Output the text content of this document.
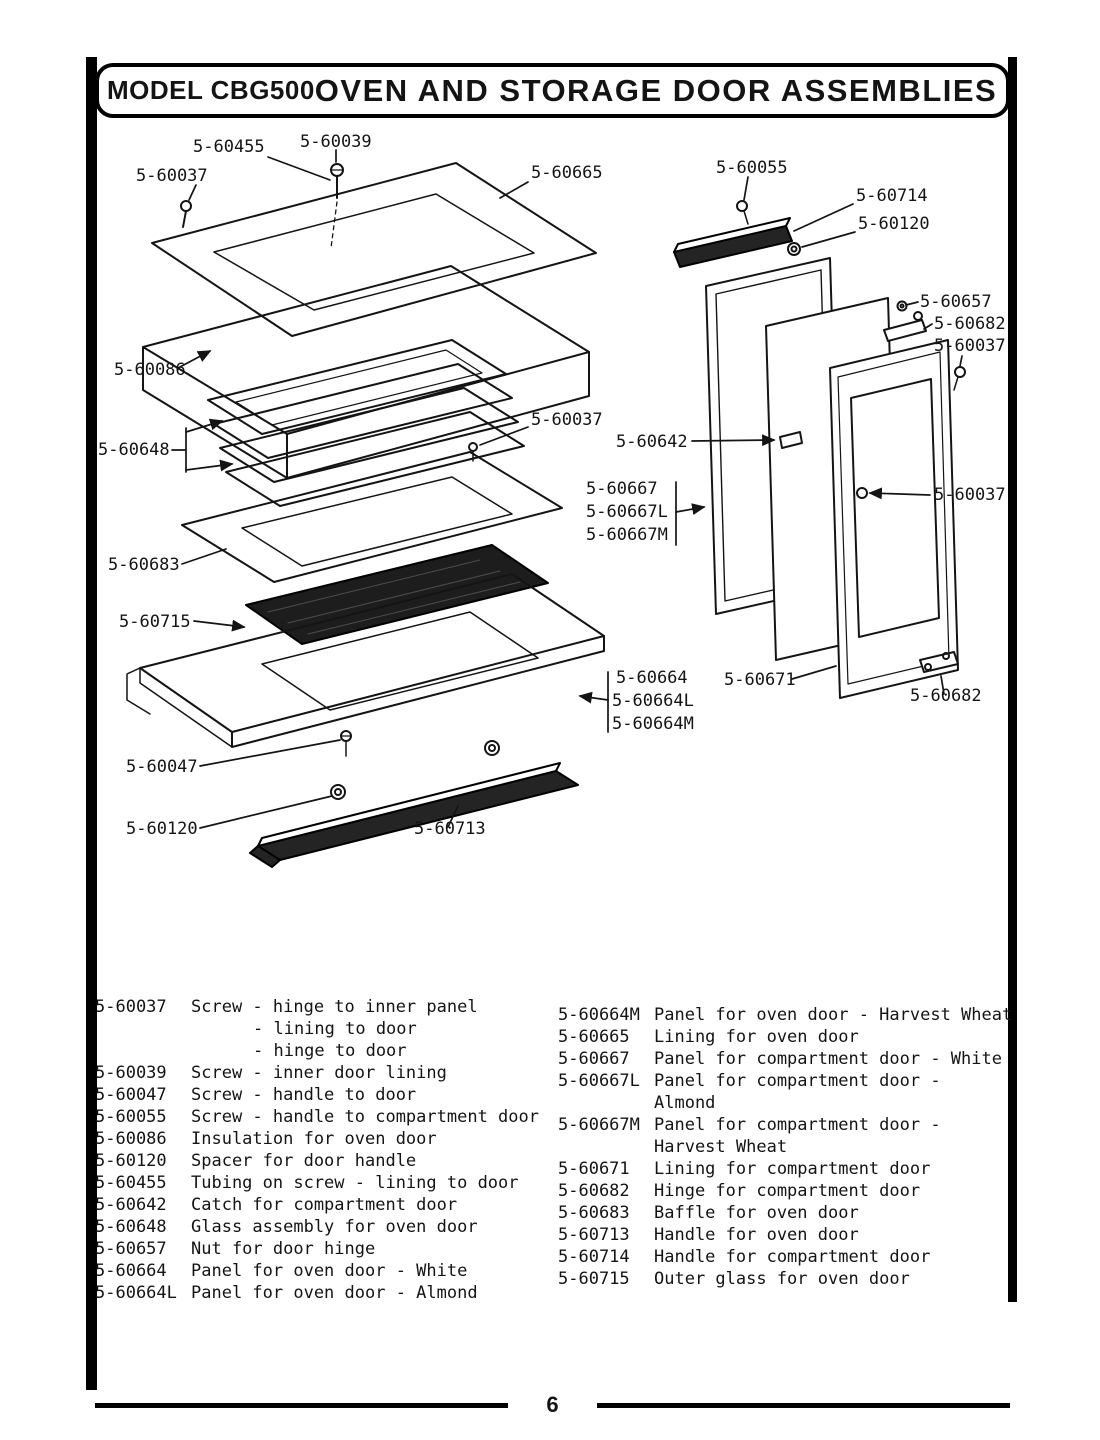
MODEL CBG500 OVEN AND STORAGE DOOR ASSEMBLIES
5-60455 5-60039
5-60037	5-60665	5-60055
5-60714
5-60120
5-60657
5-60682
5-60037
5-60086
5-60648
5-60037
5-60642
5-60667
5-60667L
5-60667M
5-60037
5-60683
5-60715
5-60664
5-60664L
5-60664M
5-60671
5-60682
5-60047
5-60120	5-60713
5-60037	Screw - hinge to inner panel
- lining to door
- hinge to door
5-60039	Screw - inner door lining
5-60047	Screw - handle to door
5-60055	Screw - handle to compartment door
5-60086	Insulation for oven door
5-60120	Spacer for door handle
5-60455	Tubing on screw - lining to door
5-60642	Catch for compartment door
5-60648	Glass assembly for oven door
5-60657	Nut for door hinge
5-60664	Panel for oven door - White
5-60664L Panel for oven door - Almond
5-60664M Panel for oven door - Harvest Wheat
5-60665	Lining for oven door
5-60667	Panel for compartment door - White
5-60667L Panel for compartment door -
Almond
5-60667M Panel for compartment door -
Harvest Wheat
5-60671	Lining for compartment door
5-60682	Hinge for compartment door
5-60683	Baffle for oven door
5-60713	Handle for oven door
5-60714	Handle for compartment door
5-60715	Outer glass for oven door
6
